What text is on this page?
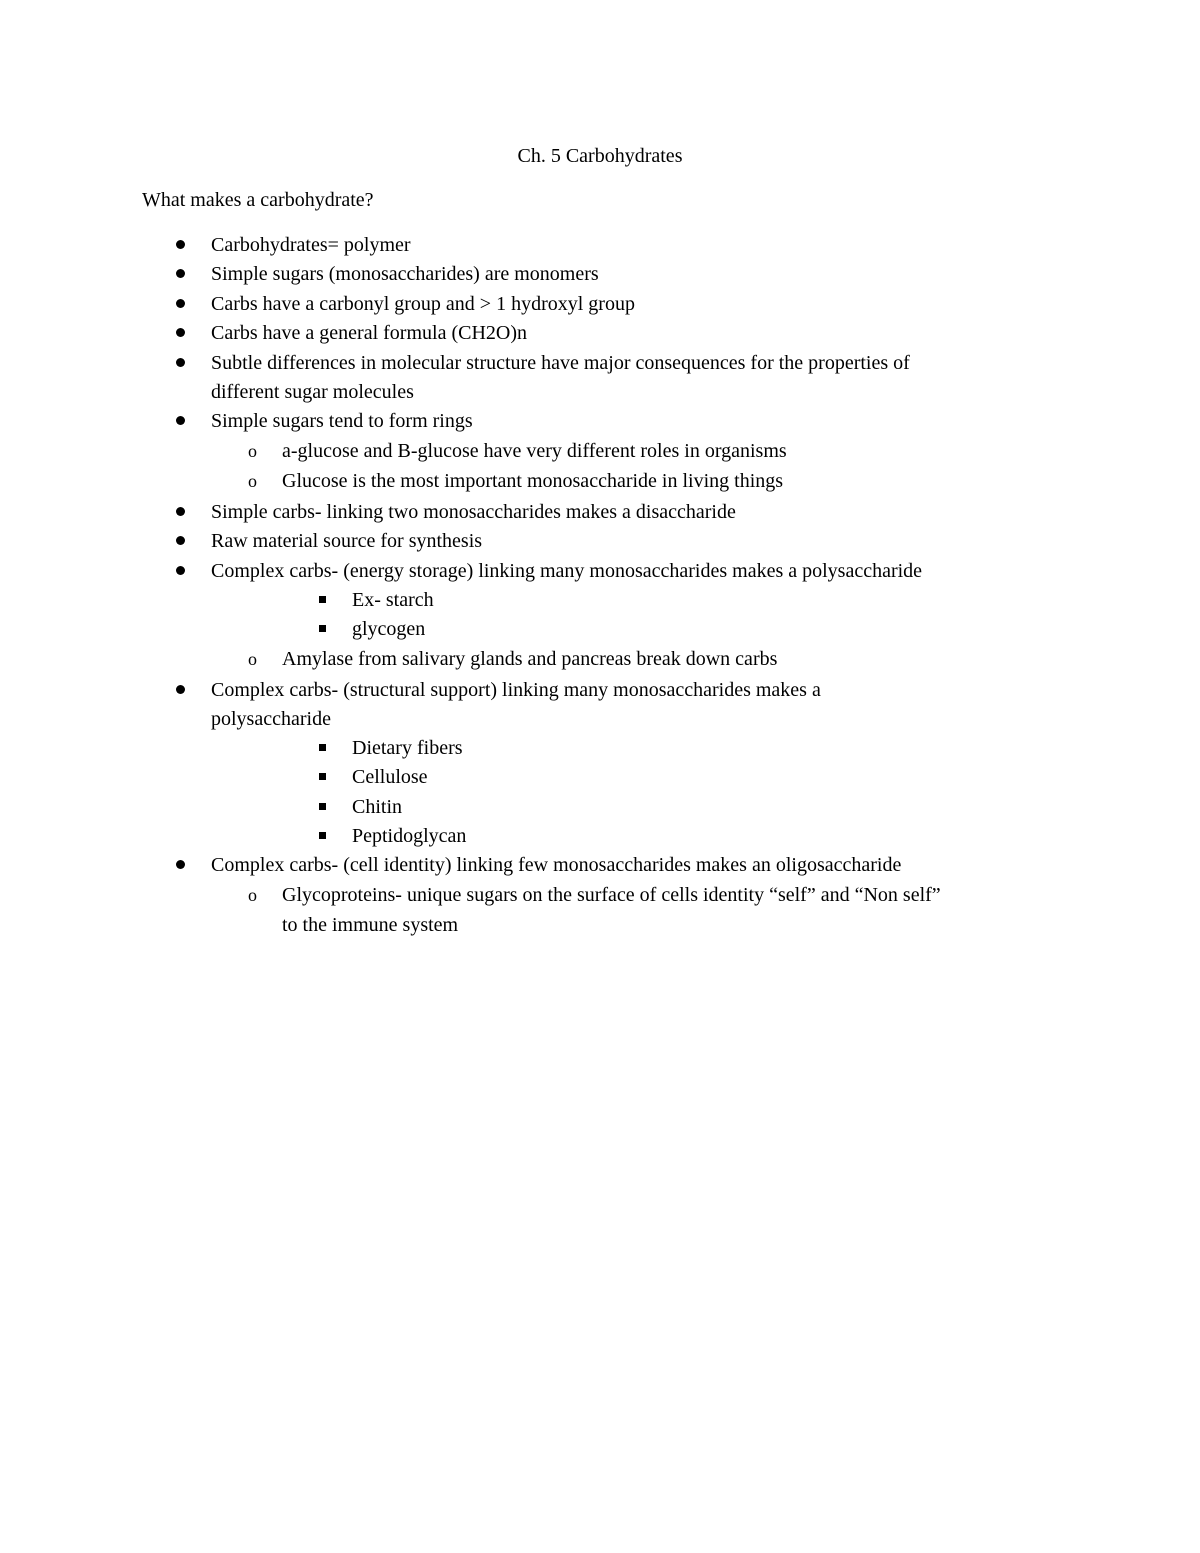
Ch. 5 Carbohydrates
What makes a carbohydrate?
Carbohydrates= polymer
Simple sugars (monosaccharides) are monomers
Carbs have a carbonyl group and > 1 hydroxyl group
Carbs have a general formula (CH2O)n
Subtle differences in molecular structure have major consequences for the properties of
different sugar molecules
Simple sugars tend to form rings
o a-glucose and B-glucose have very different roles in organisms
o Glucose is the most important monosaccharide in living things
Simple carbs- linking two monosaccharides makes a disaccharide
Raw material source for synthesis
Complex carbs- (energy storage) linking many monosaccharides makes a polysaccharide
Ex- starch
glycogen
o Amylase from salivary glands and pancreas break down carbs
Complex carbs- (structural support) linking many monosaccharides makes a
polysaccharide
Dietary fibers
Cellulose
Chitin
Peptidoglycan
Complex carbs- (cell identity) linking few monosaccharides makes an oligosaccharide
o Glycoproteins- unique sugars on the surface of cells identity “self” and “Non self”
to the immune system
